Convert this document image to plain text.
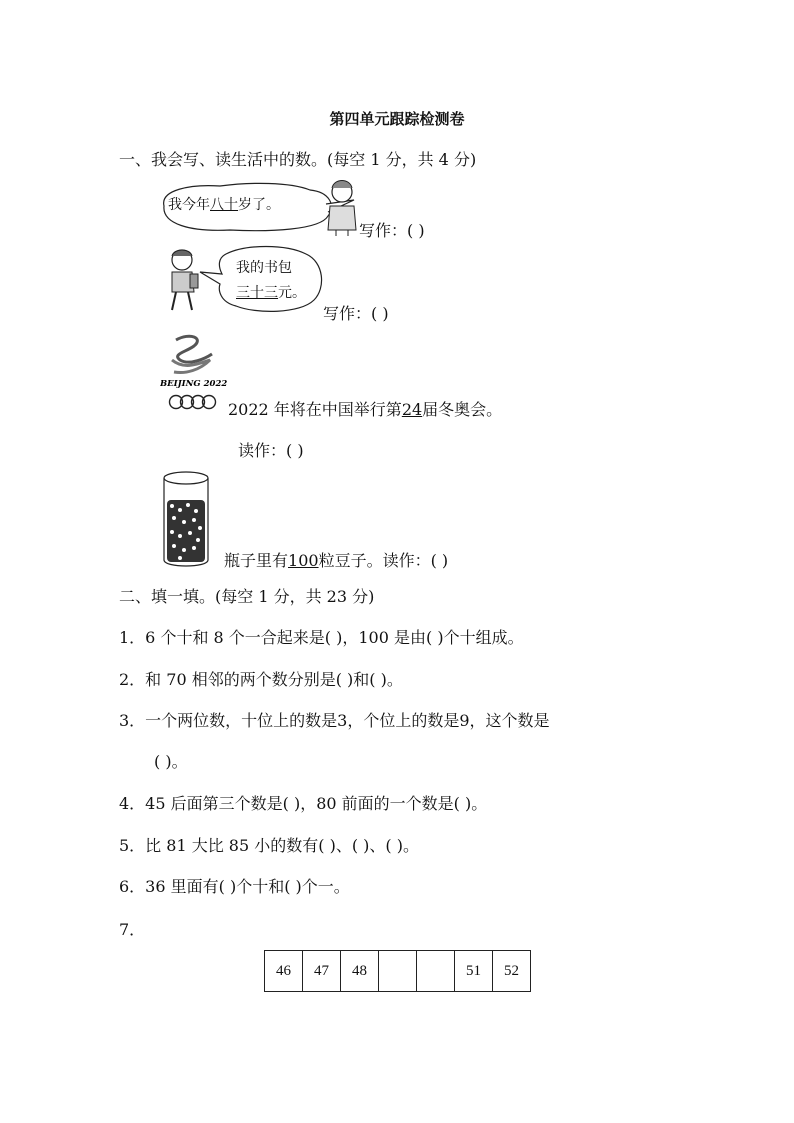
第四单元跟踪检测卷
一、我会写、读生活中的数。(每空 1 分，共 4 分)
我今年八十岁了。
写作：( )
我的书包
三十三元。
写作：( )
BEIJING 2022
2022 年将在中国举行第24届冬奥会。
读作：( )
瓶子里有100粒豆子。读作：( )
二、填一填。(每空 1 分，共 23 分)
1．6 个十和 8 个一合起来是( )，100 是由( )个十组成。
2．和 70 相邻的两个数分别是( )和( )。
3．一个两位数，十位上的数是3，个位上的数是9，这个数是
( )。
4．45 后面第三个数是( )，80 前面的一个数是( )。
5．比 81 大比 85 小的数有( )、( )、( )。
6．36 里面有( )个十和( )个一。
7．
46	47	48			51	52
